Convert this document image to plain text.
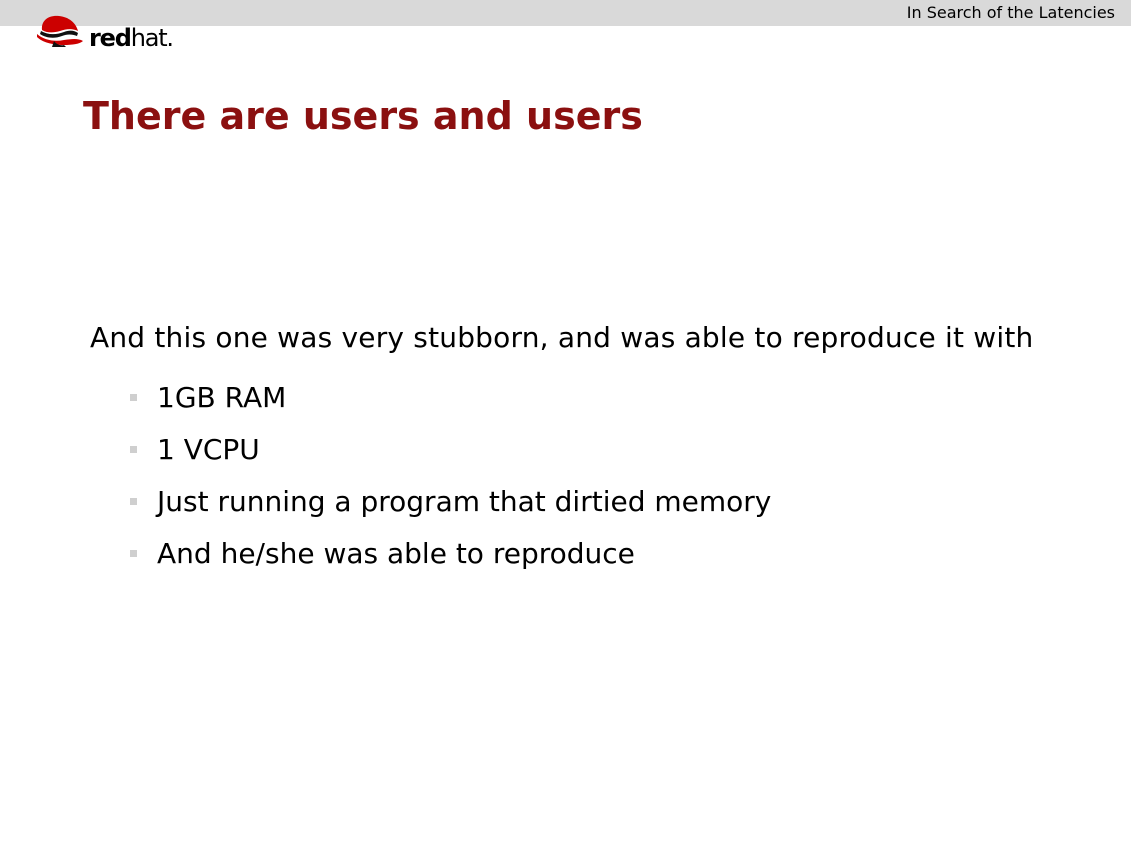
In Search of the Latencies
redhat.
There are users and users
And this one was very stubborn, and was able to reproduce it with
1GB RAM
1 VCPU
Just running a program that dirtied memory
And he/she was able to reproduce
